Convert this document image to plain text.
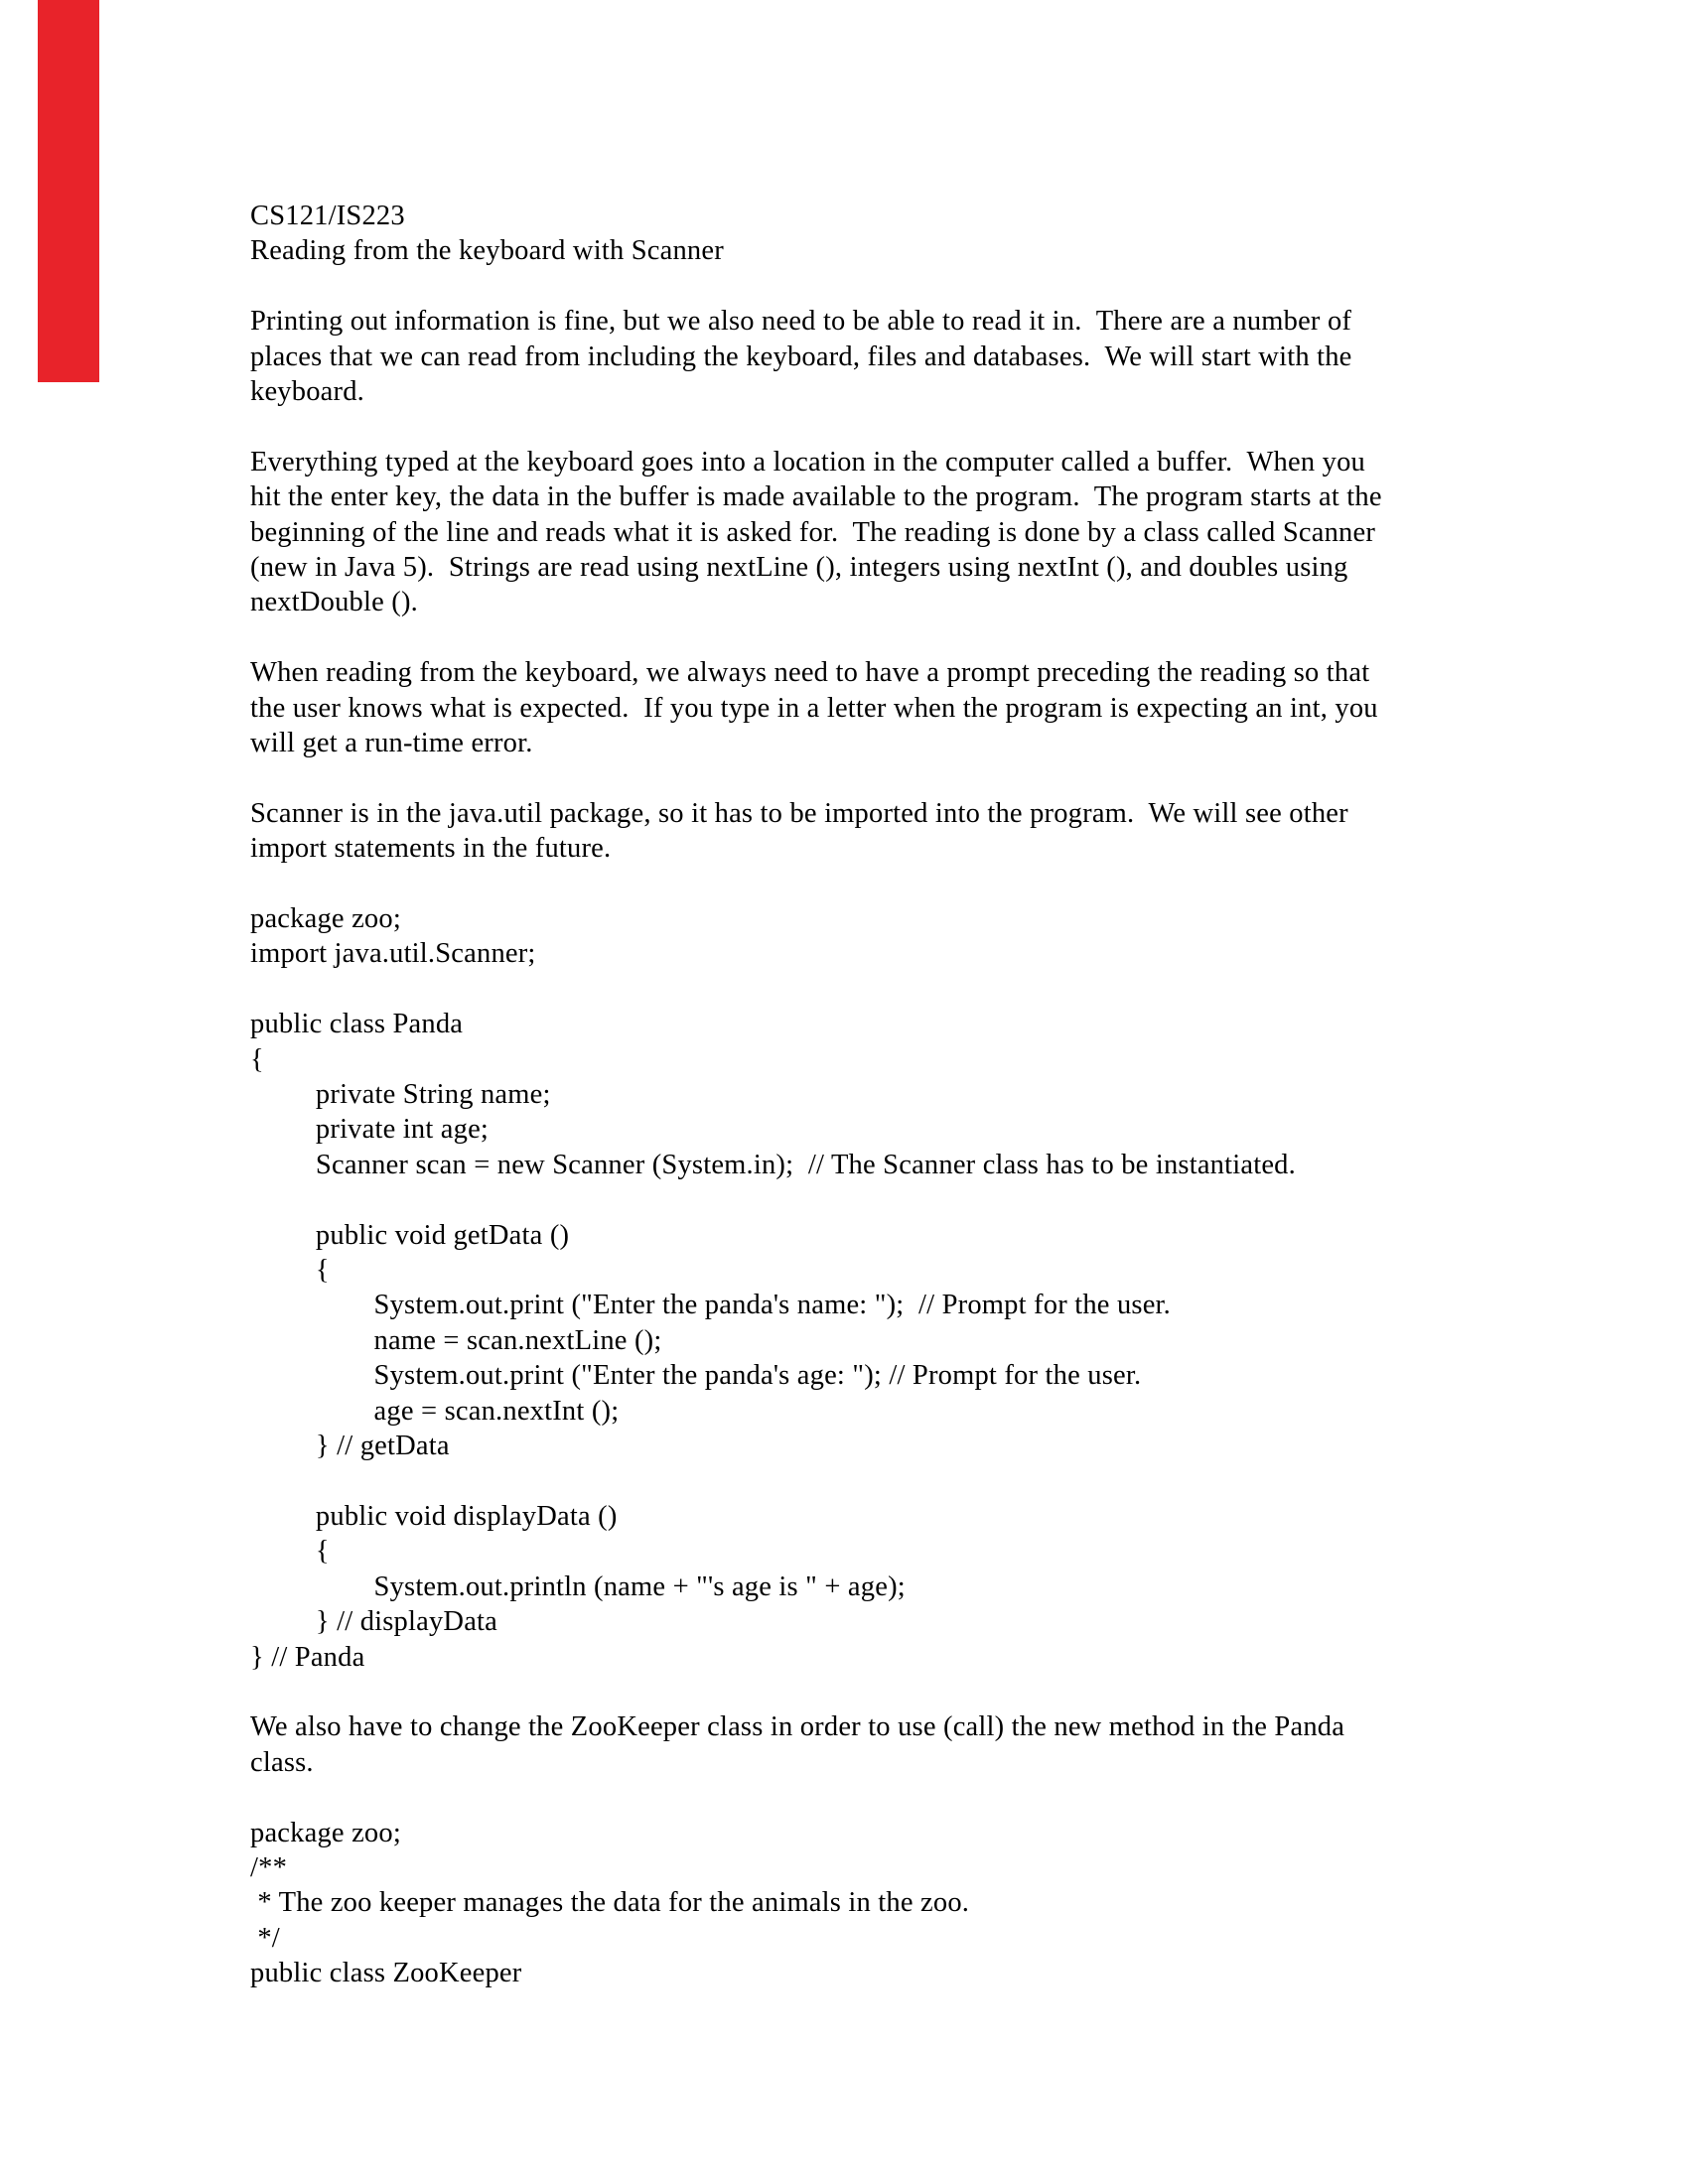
CS121/IS223
Reading from the keyboard with Scanner
Printing out information is fine, but we also need to be able to read it in.  There are a number of
places that we can read from including the keyboard, files and databases.  We will start with the
keyboard.
Everything typed at the keyboard goes into a location in the computer called a buffer.  When you
hit the enter key, the data in the buffer is made available to the program.  The program starts at the
beginning of the line and reads what it is asked for.  The reading is done by a class called Scanner
(new in Java 5).  Strings are read using nextLine (), integers using nextInt (), and doubles using
nextDouble ().
When reading from the keyboard, we always need to have a prompt preceding the reading so that
the user knows what is expected.  If you type in a letter when the program is expecting an int, you
will get a run-time error.
Scanner is in the java.util package, so it has to be imported into the program.  We will see other
import statements in the future.
package zoo;
import java.util.Scanner;
public class Panda
{
private String name;
private int age;
Scanner scan = new Scanner (System.in);  // The Scanner class has to be instantiated.
public void getData ()
{
System.out.print ("Enter the panda's name: ");  // Prompt for the user.
name = scan.nextLine ();
System.out.print ("Enter the panda's age: "); // Prompt for the user.
age = scan.nextInt ();
} // getData
public void displayData ()
{
System.out.println (name + "'s age is " + age);
} // displayData
} // Panda
We also have to change the ZooKeeper class in order to use (call) the new method in the Panda
class.
package zoo;
/**
* The zoo keeper manages the data for the animals in the zoo.
*/
public class ZooKeeper
